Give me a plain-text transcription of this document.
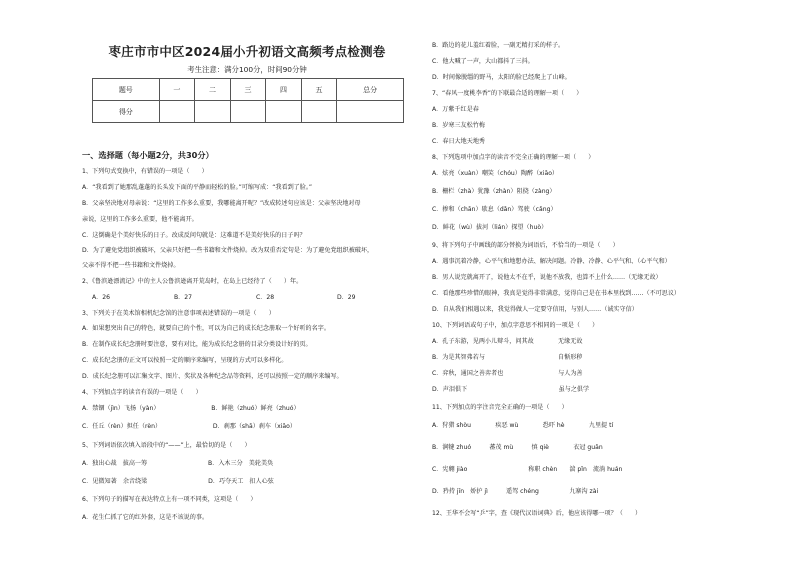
枣庄市市中区2024届小升初语文高频考点检测卷
考生注意：满分100分，时间90分钟
题号	一	二	三	四	五	总分
得分						
一、选择题（每小题2分，共30分）
1、下列句式变换中，有错误的一项是（　　）
A．“我看到了她那乱蓬蓬的长头发下面的平静而轻松的脸。”可缩写成：“我看到了脸。”
B．父亲坚决地对母亲说：“这里的工作多么重要，我哪能离开呢？”改成转述句应该是：父亲坚决地对母
亲说，这里的工作多么重要，他不能离开。
C．这倒确是个美好快乐的日子。改成反问句就是：这难道不是美好快乐的日子吗？
D．为了避免党组织被破坏，父亲只好把一些书籍和文件烧掉。改为双重否定句是：为了避免党组织被破坏，
父亲不得不把一些书籍和文件烧掉。
2、《鲁滨逊漂流记》中的主人公鲁滨逊离开荒岛时，在岛上已经待了（　　）年。
A．26	B．27	C．28	D．29
3、下列关于在美术馆相机纪念馆的注意事项表述错误的一项是（　　）
A．如果想突出自己的特色，就要自己的个性，可以为自己的成长纪念册取一个好听的名字。
B．在制作成长纪念册时要注意，要有对比，能为成长纪念册的目录分类设计好的页。
C．成长纪念册的正文可以按照一定的顺序来编写，呈现的方式可以多样化。
D．成长纪念册可以汇集文字、图片、奖状及各种纪念品等资料，还可以按照一定的顺序来编写。
4、下列加点字的读音有误的一项是（　　）
A．禁锢（jìn）飞扬（yàn）　　　　　　　　　B．鲜艳（zhuó）鲜亮（zhuó）
C．任丘（rèn）担任（rèn）　　　　　　　　　D．刹那（shā）刹车（xiāo）
5、下列词语依次填入语段中的“——”上，最恰切的是（　　）
A．独出心裁　拔高一筹　　　　　　　　　　B．入木三分　美轮美奂
C．见微知著　余音绕梁　　　　　　　　　　D．巧夺天工　扣人心弦
6、下列句子的描写在表达特点上有一项不同类，这项是（　　）
A．花生仁抓了它的红外套，这是不该说的事。
B．路边的花儿羞红着脸，一副无精打采的样子。
C．他大喊了一声，大山都抖了三抖。
D．时间像脱缰的野马，太阳的脸已经爬上了山峰。
7、“春风一度桃李香”的下联最合适的理解一项（　　）
A．万紫千红是春
B．岁寒三友松竹梅
C．春日大地天地秀
8、下列选项中加点字的读音不完全正确的理解一项（　　）
A．炫亮（xuàn）嘲笑（chóu）陶醉（xiāo）
B．栅栏（zhà）犹豫（zhàn）阻挠（zàng）
C．掺和（chān）歇息（dǎn）驾驶（cǎng）
D．鲜花（wù）拔河（lián）探望（huò）
9、将下列句子中画线的部分替换为词语后，不恰当的一项是（　　）
A．遇事沉着冷静，心平气和地想办法、解决问题。冷静、冷静、心平气和、（心平气和）
B．男人说完就离开了，说他太不在乎，说他不放我，也算不上什么……（无缘无故）
C．看他那些珍惜的眼神，我真是觉得非常满意，觉得自己是在书本里找到……（不可思议）
D．自从我们相遇以来，我觉得做人一定要守信用，与别人……（诚实守信）
10、下列词语或句子中，加点字意思不相同的一项是（　　）
A．孔子东游，见两小儿辩斗，问其故　　　　无缘无故
B．为是其智弗若与　　　　　　　　　　　　自惭形秽
C．弈秋，通国之善弈者也　　　　　　　　　与人为善
D．声泪俱下　　　　　　　　　　　　　　　虽与之俱学
11、下列加点的字注音完全正确的一项是（　　）
A．狩猎 shòu　　　　疾恶 wù　　　　恐吓 hè　　　　九里提 tí
B．涧犍 zhuó　　　蕃茂 mù　　　慎 qiè　　　　衣冠 guān
C．宪翱 jiào　　　　　　　　　　称职 chèn　　湍 pǐn　流淌 huán
D．矜持 jīn　娇护 jì　　　遥驾 chéng　　　　　九寨沟 zài
12、王华不会写“乒”字，查《现代汉语词典》后，他应该得哪一项？（　　）
